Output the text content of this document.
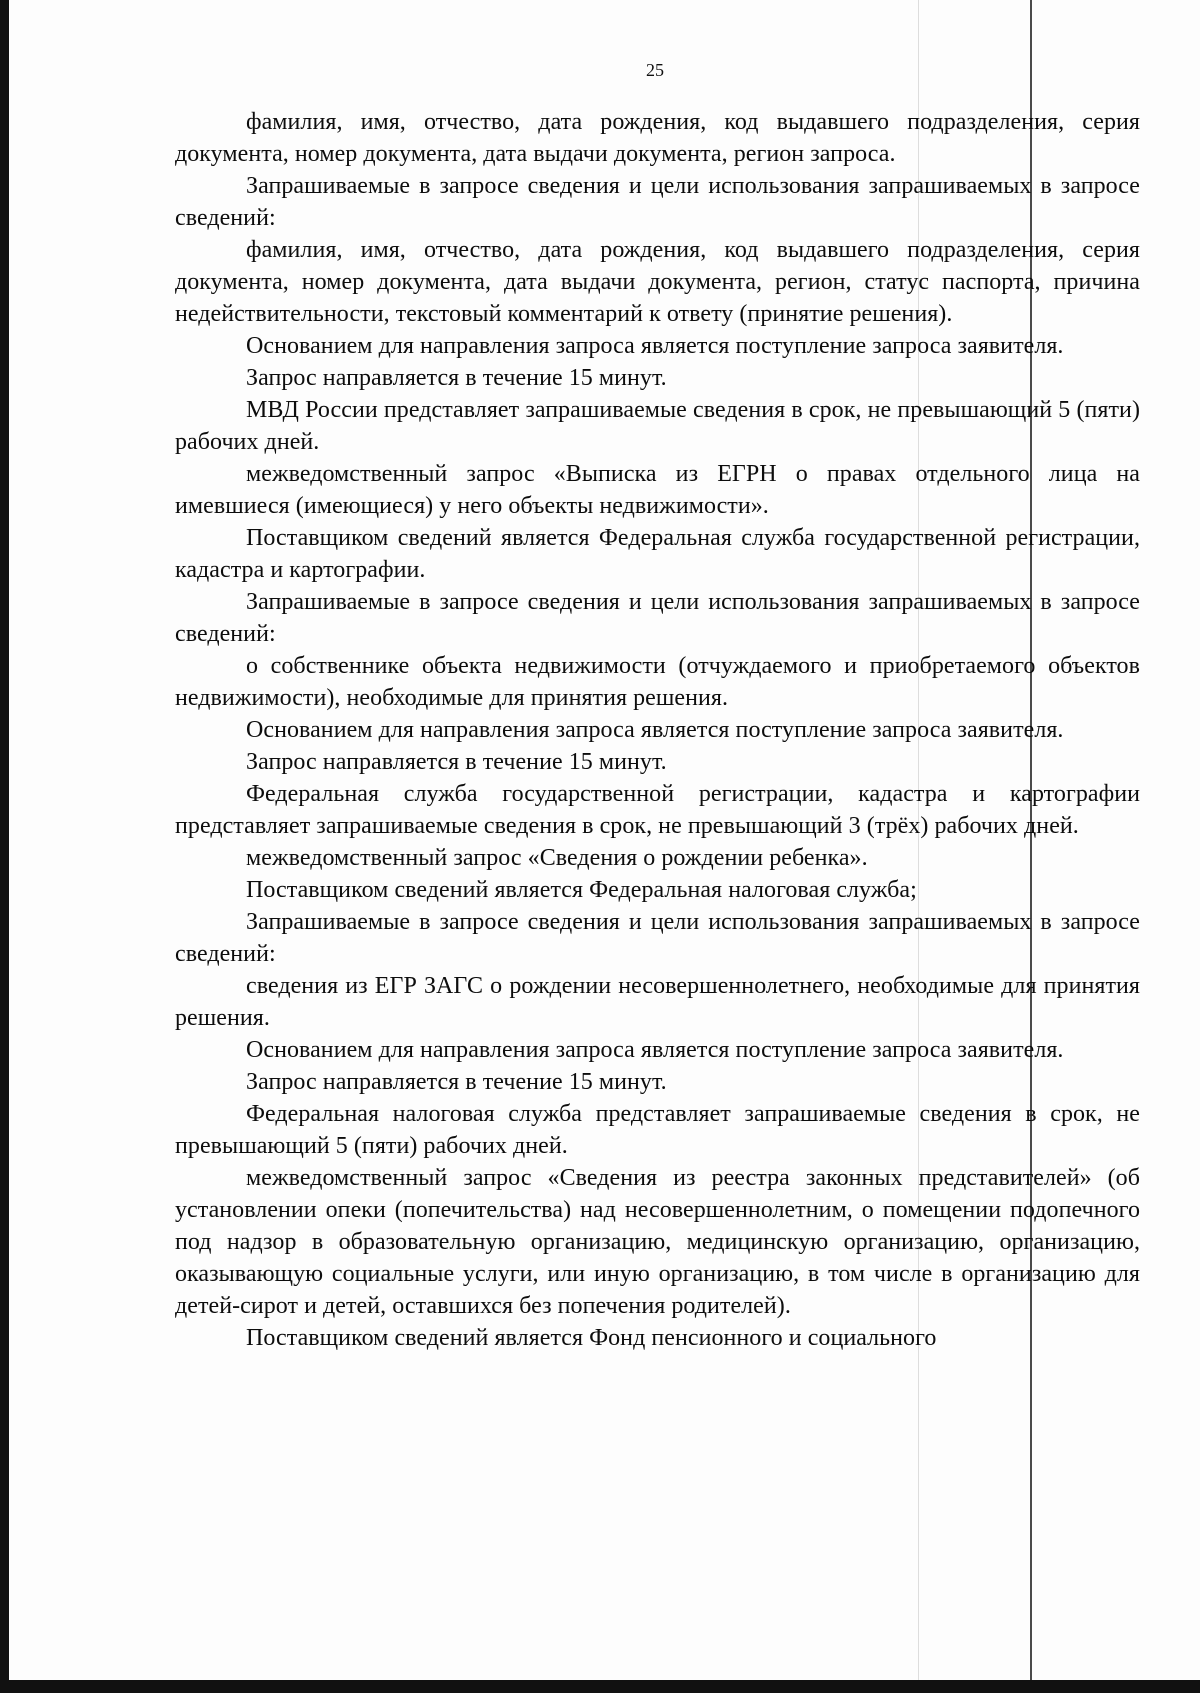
25

фамилия, имя, отчество, дата рождения, код выдавшего подразделения, серия документа, номер документа, дата выдачи документа, регион запроса.

Запрашиваемые в запросе сведения и цели использования запрашиваемых в запросе сведений:

фамилия, имя, отчество, дата рождения, код выдавшего подразделения, серия документа, номер документа, дата выдачи документа, регион, статус паспорта, причина недействительности, текстовый комментарий к ответу (принятие решения).

Основанием для направления запроса является поступление запроса заявителя.

Запрос направляется в течение 15 минут.

МВД России представляет запрашиваемые сведения в срок, не превышающий 5 (пяти) рабочих дней.

межведомственный запрос «Выписка из ЕГРН о правах отдельного лица на имевшиеся (имеющиеся) у него объекты недвижимости».

Поставщиком сведений является Федеральная служба государственной регистрации, кадастра и картографии.

Запрашиваемые в запросе сведения и цели использования запрашиваемых в запросе сведений:

о собственнике объекта недвижимости (отчуждаемого и приобретаемого объектов недвижимости), необходимые для принятия решения.

Основанием для направления запроса является поступление запроса заявителя.

Запрос направляется в течение 15 минут.

Федеральная служба государственной регистрации, кадастра и картографии представляет запрашиваемые сведения в срок, не превышающий 3 (трёх) рабочих дней.

межведомственный запрос «Сведения о рождении ребенка».

Поставщиком сведений является Федеральная налоговая служба;

Запрашиваемые в запросе сведения и цели использования запрашиваемых в запросе сведений:

сведения из ЕГР ЗАГС о рождении несовершеннолетнего, необходимые для принятия решения.

Основанием для направления запроса является поступление запроса заявителя.

Запрос направляется в течение 15 минут.

Федеральная налоговая служба представляет запрашиваемые сведения в срок, не превышающий 5 (пяти) рабочих дней.

межведомственный запрос «Сведения из реестра законных представителей» (об установлении опеки (попечительства) над несовершеннолетним, о помещении подопечного под надзор в образовательную организацию, медицинскую организацию, организацию, оказывающую социальные услуги, или иную организацию, в том числе в организацию для детей-сирот и детей, оставшихся без попечения родителей).

Поставщиком сведений является Фонд пенсионного и социального
